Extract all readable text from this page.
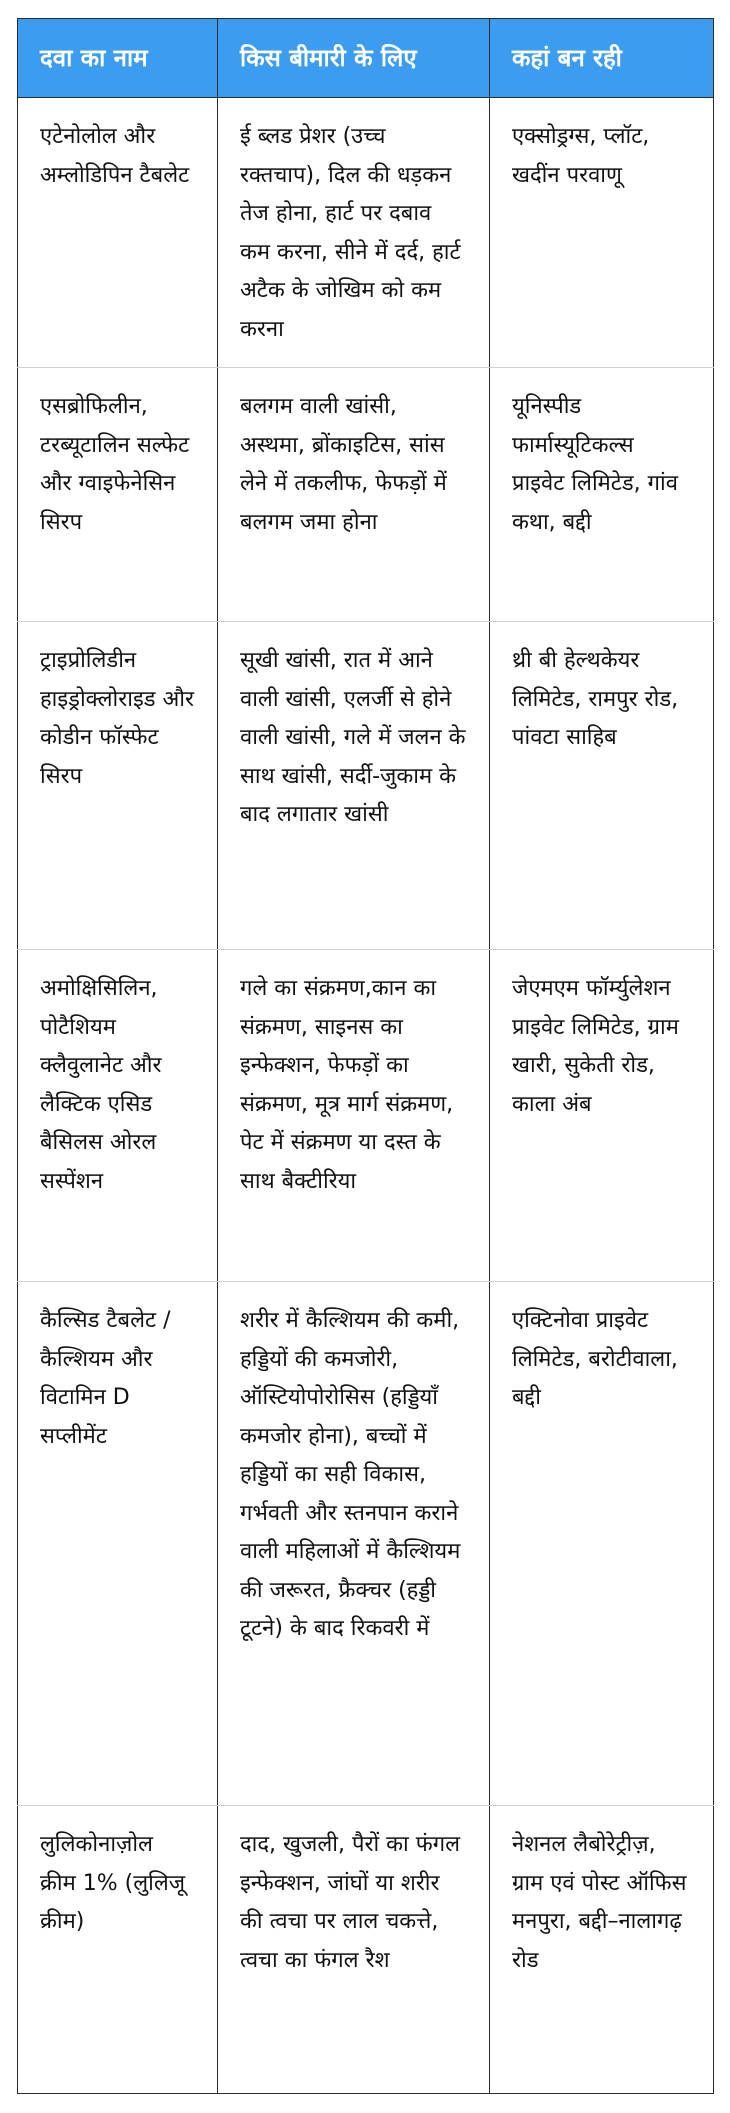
दवा का नाम	किस बीमारी के लिए	कहां बन रही

एटेनोलोल और अम्लोडिपिन टैबलेट	ई ब्लड प्रेशर (उच्च रक्तचाप), दिल की धड़कन तेज होना, हार्ट पर दबाव कम करना, सीने में दर्द, हार्ट अटैक के जोखिम को कम करना	एक्सोड्रग्स, प्लॉट, खदींन परवाणू

एसब्रोफिलीन, टरब्यूटालिन सल्फेट और ग्वाइफेनेसिन सिरप	बलगम वाली खांसी, अस्थमा, ब्रोंकाइटिस, सांस लेने में तकलीफ, फेफड़ों में बलगम जमा होना	यूनिस्पीड फार्मास्यूटिकल्स प्राइवेट लिमिटेड, गांव कथा, बद्दी

ट्राइप्रोलिडीन हाइड्रोक्लोराइड और कोडीन फॉस्फेट सिरप	सूखी खांसी, रात में आने वाली खांसी, एलर्जी से होने वाली खांसी, गले में जलन के साथ खांसी, सर्दी-जुकाम के बाद लगातार खांसी	थ्री बी हेल्थकेयर लिमिटेड, रामपुर रोड, पांवटा साहिब

अमोक्षिसिलिन, पोटैशियम क्लैवुलानेट और लैक्टिक एसिड बैसिलस ओरल सस्पेंशन	गले का संक्रमण,कान का संक्रमण, साइनस का इन्फेक्शन, फेफड़ों का संक्रमण, मूत्र मार्ग संक्रमण, पेट में संक्रमण या दस्त के साथ बैक्टीरिया	जेएमएम फॉर्म्युलेशन प्राइवेट लिमिटेड, ग्राम खारी, सुकेती रोड, काला अंब

कैल्सिड टैबलेट / कैल्शियम और विटामिन D सप्लीमेंट	शरीर में कैल्शियम की कमी, हड्डियों की कमजोरी, ऑस्टियोपोरोसिस (हड्डियाँ कमजोर होना), बच्चों में हड्डियों का सही विकास, गर्भवती और स्तनपान कराने वाली महिलाओं में कैल्शियम की जरूरत, फ्रैक्चर (हड्डी टूटने) के बाद रिकवरी में	एक्टिनोवा प्राइवेट लिमिटेड, बरोटीवाला, बद्दी

लुलिकोनाज़ोल क्रीम 1% (लुलिजू क्रीम)	दाद, खुजली, पैरों का फंगल इन्फेक्शन, जांघों या शरीर की त्वचा पर लाल चकत्ते, त्वचा का फंगल रैश	नेशनल लैबोरेट्रीज़, ग्राम एवं पोस्ट ऑफिस मनपुरा, बद्दी–नालागढ़ रोड
